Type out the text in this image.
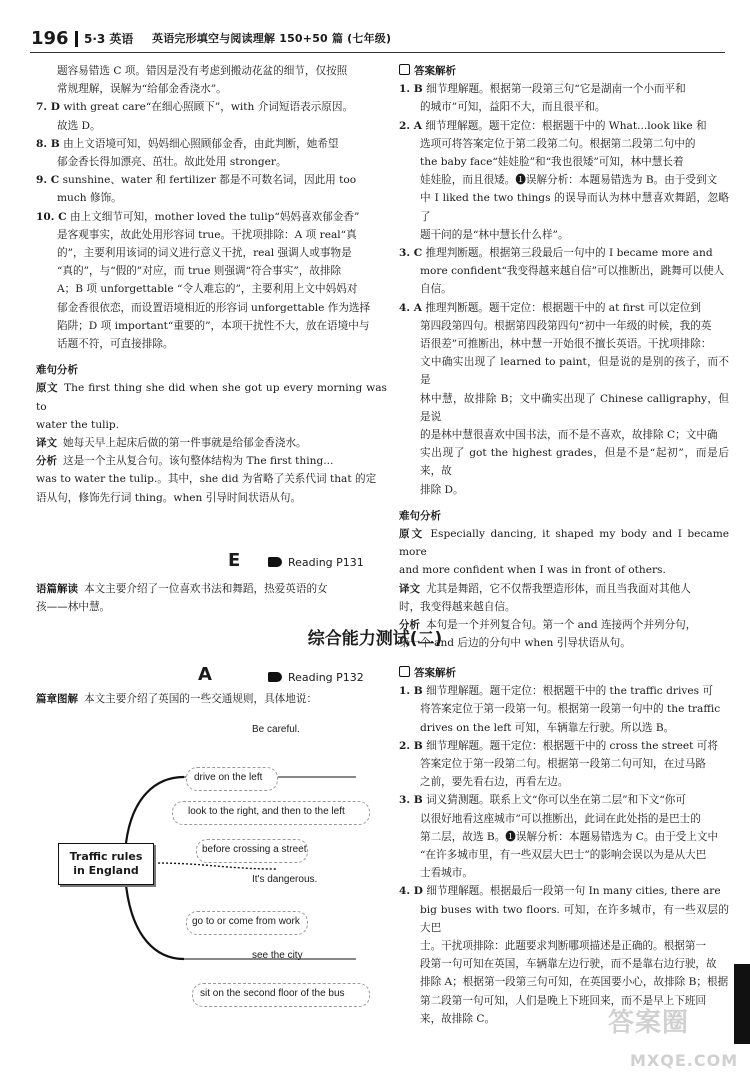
196 5·3 英语 英语完形填空与阅读理解 150+50 篇 (七年级)

题容易错选 C 项。错因是没有考虑到搬动花盆的细节，仅按照
常规理解，误解为“给郁金香浇水”。

7. D with great care“在细心照顾下”，with 介词短语表示原因。

故选 D。

8. B 由上文语境可知，妈妈细心照顾郁金香，由此判断，她希望

郁金香长得加漂亮、茁壮。故此处用 stronger。

9. C sunshine、water 和 fertilizer 都是不可数名词，因此用 too

much 修饰。

10. C 由上文细节可知，mother loved the tulip“妈妈喜欢郁金香”

是客观事实，故此处用形容词 true。干扰项排除：A 项 real“真

的”，主要利用该词的词义进行意义干扰，real 强调人或事物是

“真的”，与“假的”对应，而 true 则强调“符合事实”，故排除

A；B 项 unforgettable “令人难忘的”，主要利用上文中妈妈对

郁金香很依恋，而设置语境相近的形容词 unforgettable 作为选择

陷阱；D 项 important“重要的”，本项干扰性不大，放在语境中与

话题不符，可直接排除。

难句分析

原文 The first thing she did when she got up every morning was to

water the tulip.

译文 她每天早上起床后做的第一件事就是给郁金香浇水。

分析 这是一个主从复合句。该句整体结构为 The first thing...

was to water the tulip.。其中，she did 为省略了关系代词 that 的定

语从句，修饰先行词 thing。when 引导时间状语从句。

E	Reading P131

语篇解读 本文主要介绍了一位喜欢书法和舞蹈，热爱英语的女

孩——林中慧。

答案解析

1. B 细节理解题。根据第一段第三句“它是湖南一个小而平和

的城市”可知，益阳不大，而且很平和。

2. A 细节理解题。题干定位：根据题干中的 What...look like 和

选项可将答案定位于第二段第二句。根据第二段第二句中的

the baby face“娃娃脸”和“我也很矮”可知，林中慧长着

娃娃脸，而且很矮。❶误解分析：本题易错选为 B。由于受到文

中 I liked the two things 的误导而认为林中慧喜欢舞蹈，忽略了

题干问的是“林中慧长什么样”。

3. C 推理判断题。根据第三段最后一句中的 I became more and

more confident“我变得越来越自信”可以推断出，跳舞可以使人

自信。

4. A 推理判断题。题干定位：根据题干中的 at first 可以定位到

第四段第四句。根据第四段第四句“初中一年级的时候，我的英

语很差”可推断出，林中慧一开始很不擅长英语。干扰项排除：

文中确实出现了 learned to paint，但是说的是别的孩子，而不是

林中慧，故排除 B；文中确实出现了 Chinese calligraphy，但是说

的是林中慧很喜欢中国书法，而不是不喜欢，故排除 C；文中确

实出现了 got the highest grades，但是不是“起初”，而是后来，故

排除 D。

难句分析

原文 Especially dancing, it shaped my body and I became more

and more confident when I was in front of others.

译文 尤其是舞蹈，它不仅帮我塑造形体，而且当我面对其他人

时，我变得越来越自信。

分析 本句是一个并列复合句。第一个 and 连接两个并列分句，

第一个 and 后边的分句中 when 引导状语从句。

综合能力测试(二)
A	Reading P132

篇章图解 本文主要介绍了英国的一些交通规则，具体地说：

Be careful.
drive on the left
look to the right, and then to the left
before crossing a street
It's dangerous.
go to or come from work
see the city
sit on the second floor of the bus
Traffic rules
in England

答案解析

1. B 细节理解题。题干定位：根据题干中的 the traffic drives 可

将答案定位于第一段第一句。根据第一段第一句中的 the traffic

drives on the left 可知，车辆靠左行驶。所以选 B。

2. B 细节理解题。题干定位：根据题干中的 cross the street 可将

答案定位于第一段第二句。根据第一段第二句可知，在过马路

之前，要先看右边，再看左边。

3. B 词义猜测题。联系上文“你可以坐在第二层”和下文“你可

以很好地看这座城市”可以推断出，此词在此处指的是巴士的

第二层，故选 B。❶误解分析：本题易错选为 C。由于受上文中

“在许多城市里，有一些双层大巴士”的影响会误以为是从大巴

士看城市。

4. D 细节理解题。根据最后一段第一句 In many cities, there are

big buses with two floors. 可知，在许多城市，有一些双层的大巴

士。干扰项排除：此题要求判断哪项描述是正确的。根据第一

段第一句可知在英国，车辆靠左边行驶，而不是靠右边行驶，故

排除 A；根据第一段第三句可知，在英国要小心，故排除 B；根据

第二段第一句可知，人们是晚上下班回来，而不是早上下班回

来，故排除 C。	答案圈
MXQE.COM
